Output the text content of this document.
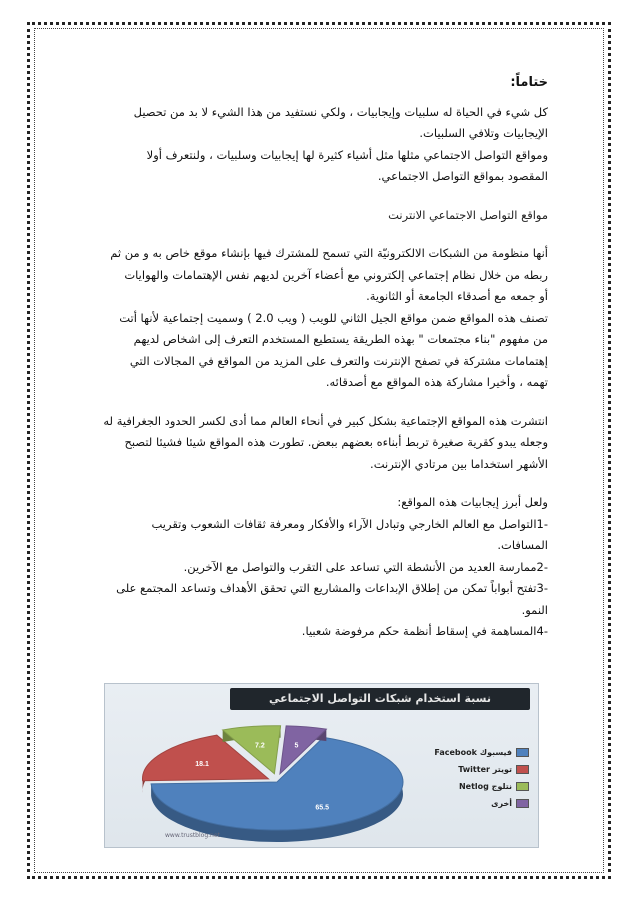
ختاماً:

كل شيء في الحياة له سلبيات وإيجابيات ، ولكي نستفيد من هذا الشيء لا بد من تحصيل

الإيجابيات وتلافي السلبيات.

ومواقع التواصل الاجتماعي مثلها مثل أشياء كثيرة لها إيجابيات وسلبيات ، ولنتعرف أولا

المقصود بمواقع التواصل الاجتماعي.

مواقع التواصل الاجتماعي الانترنت

أنها منظومة من الشبكات الالكترونيّة التي تسمح للمشترك فيها بإنشاء موقع خاص به و من ثم

ربطه من خلال نظام إجتماعي إلكتروني مع أعضاء آخرين لديهم نفس الإهتمامات والهوايات

أو جمعه مع أصدقاء الجامعة أو الثانوية.

تصنف هذه المواقع ضمن مواقع الجيل الثاني للويب ( ويب 2.0 ) وسميت إجتماعية لأنها أتت

من مفهوم "بناء مجتمعات " بهذه الطريقة يستطيع المستخدم التعرف إلى اشخاص لديهم

إهتمامات مشتركة في تصفح الإنترنت والتعرف على المزيد من المواقع في المجالات التي

تهمه ، وأخيرا مشاركة هذه المواقع مع أصدقائه.

انتشرت هذه المواقع الإجتماعية بشكل كبير في أنحاء العالم مما أدى لكسر الحدود الجغرافية له

وجعله يبدو كقرية صغيرة تربط أبناءه بعضهم ببعض. تطورت هذه المواقع شيئا فشيئا لتصبح

الأشهر استخداما بين مرتادي الإنترنت.

ولعل أبرز إيجابيات هذه المواقع:

-1التواصل مع العالم الخارجي وتبادل الآراء والأفكار ومعرفة ثقافات الشعوب وتقريب

المسافات.

-2ممارسة العديد من الأنشطة التي تساعد على التقرب والتواصل مع الآخرين.

-3تفتح أبواباً تمكن من إطلاق الإبداعات والمشاريع التي تحقق الأهداف وتساعد المجتمع على

النمو.

-4المساهمة في إسقاط أنظمة حكم مرفوضة شعبيا.

65.5
18.1
7.2	5
نسبة استخدام شبكات التواصل الاجتماعي
فيسبوك Facebook
تويتر Twitter
نتلوج Netlog
أخرى
www.trustblog.net
